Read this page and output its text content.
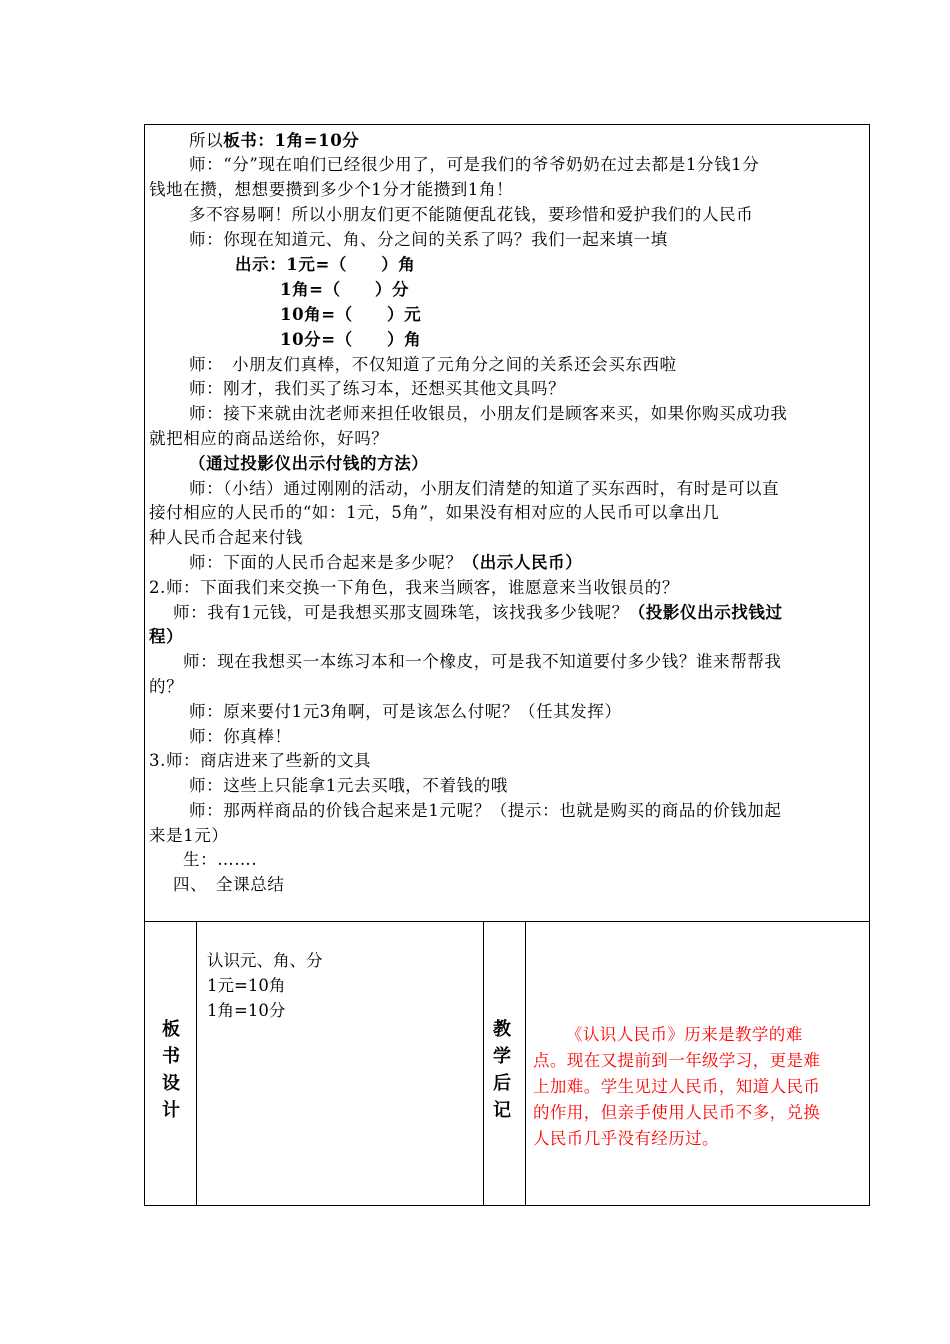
所以板书：1角=10分
师：“分”现在咱们已经很少用了，可是我们的爷爷奶奶在过去都是1分钱1分
钱地在攒，想想要攒到多少个1分才能攒到1角！
多不容易啊！所以小朋友们更不能随便乱花钱，要珍惜和爱护我们的人民币
师：你现在知道元、角、分之间的关系了吗？我们一起来填一填
出示：1元=（　　）角
1角=（　　）分
10角=（　　）元
10分=（　　）角
师：　小朋友们真棒，不仅知道了元角分之间的关系还会买东西啦
师：刚才，我们买了练习本，还想买其他文具吗？
师：接下来就由沈老师来担任收银员，小朋友们是顾客来买，如果你购买成功我
就把相应的商品送给你，好吗？
（通过投影仪出示付钱的方法）
师：（小结）通过刚刚的活动，小朋友们清楚的知道了买东西时，有时是可以直
接付相应的人民币的“如：1元，5角”，如果没有相对应的人民币可以拿出几
种人民币合起来付钱
师：下面的人民币合起来是多少呢？（出示人民币）
2.师：下面我们来交换一下角色，我来当顾客，谁愿意来当收银员的？
师：我有1元钱，可是我想买那支圆珠笔，该找我多少钱呢？（投影仪出示找钱过
程）
师：现在我想买一本练习本和一个橡皮，可是我不知道要付多少钱？谁来帮帮我
的？
师：原来要付1元3角啊，可是该怎么付呢？（任其发挥）
师：你真棒！
3.师：商店进来了些新的文具
师：这些上只能拿1元去买哦，不着钱的哦
师：那两样商品的价钱合起来是1元呢？（提示：也就是购买的商品的价钱加起
来是1元）
生：…….
四、　全课总结
板
书
设
计
认识元、角、分
1元=10角
1角=10分
教
学
后
记
《认识人民币》历来是教学的难点。现在又提前到一年级学习，更是难上加难。学生见过人民币，知道人民币的作用，但亲手使用人民币不多，兑换人民币几乎没有经历过。
